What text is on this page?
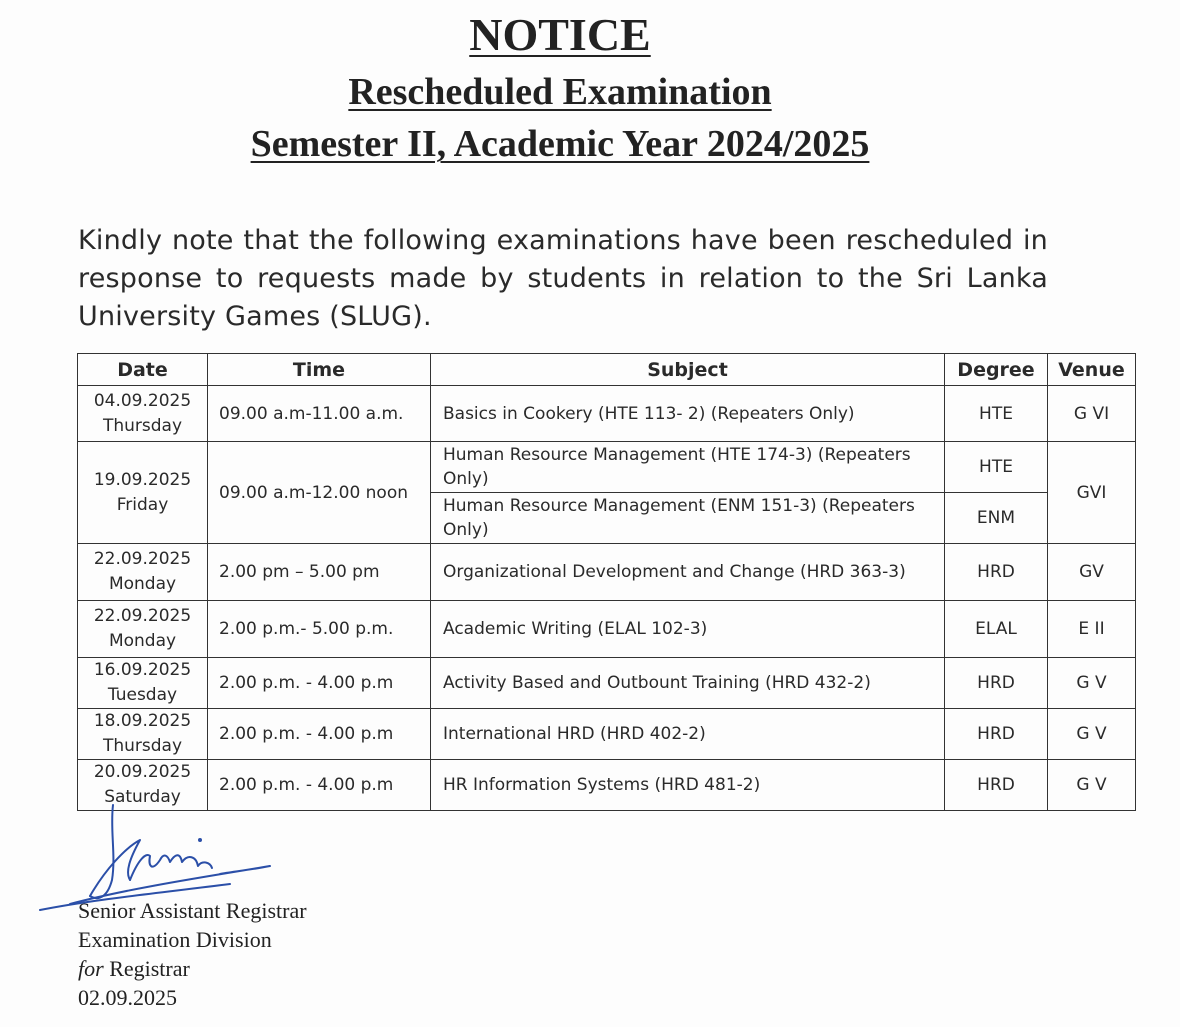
NOTICE
Rescheduled Examination
Semester II, Academic Year 2024/2025
Kindly note that the following examinations have been rescheduled in response to requests made by students in relation to the Sri Lanka University Games (SLUG).
Date	Time	Subject	Degree	Venue

04.09.2025
Thursday	09.00 a.m-11.00 a.m.	Basics in Cookery (HTE 113- 2) (Repeaters Only)	HTE	G VI

19.09.2025
Friday	09.00 a.m-12.00 noon	Human Resource Management (HTE 174-3) (Repeaters Only)	HTE	GVI
		Human Resource Management (ENM 151-3) (Repeaters Only)	ENM	

22.09.2025
Monday	2.00 pm – 5.00 pm	Organizational Development and Change (HRD 363-3)	HRD	GV

22.09.2025
Monday	2.00 p.m.- 5.00 p.m.	Academic Writing (ELAL 102-3)	ELAL	E II

16.09.2025
Tuesday	2.00 p.m. - 4.00 p.m	Activity Based and Outbount Training (HRD 432-2)	HRD	G V

18.09.2025
Thursday	2.00 p.m. - 4.00 p.m	International HRD (HRD 402-2)	HRD	G V

20.09.2025
Saturday	2.00 p.m. - 4.00 p.m	HR Information Systems (HRD 481-2)	HRD	G V
Senior Assistant Registrar
Examination Division
for Registrar
02.09.2025
